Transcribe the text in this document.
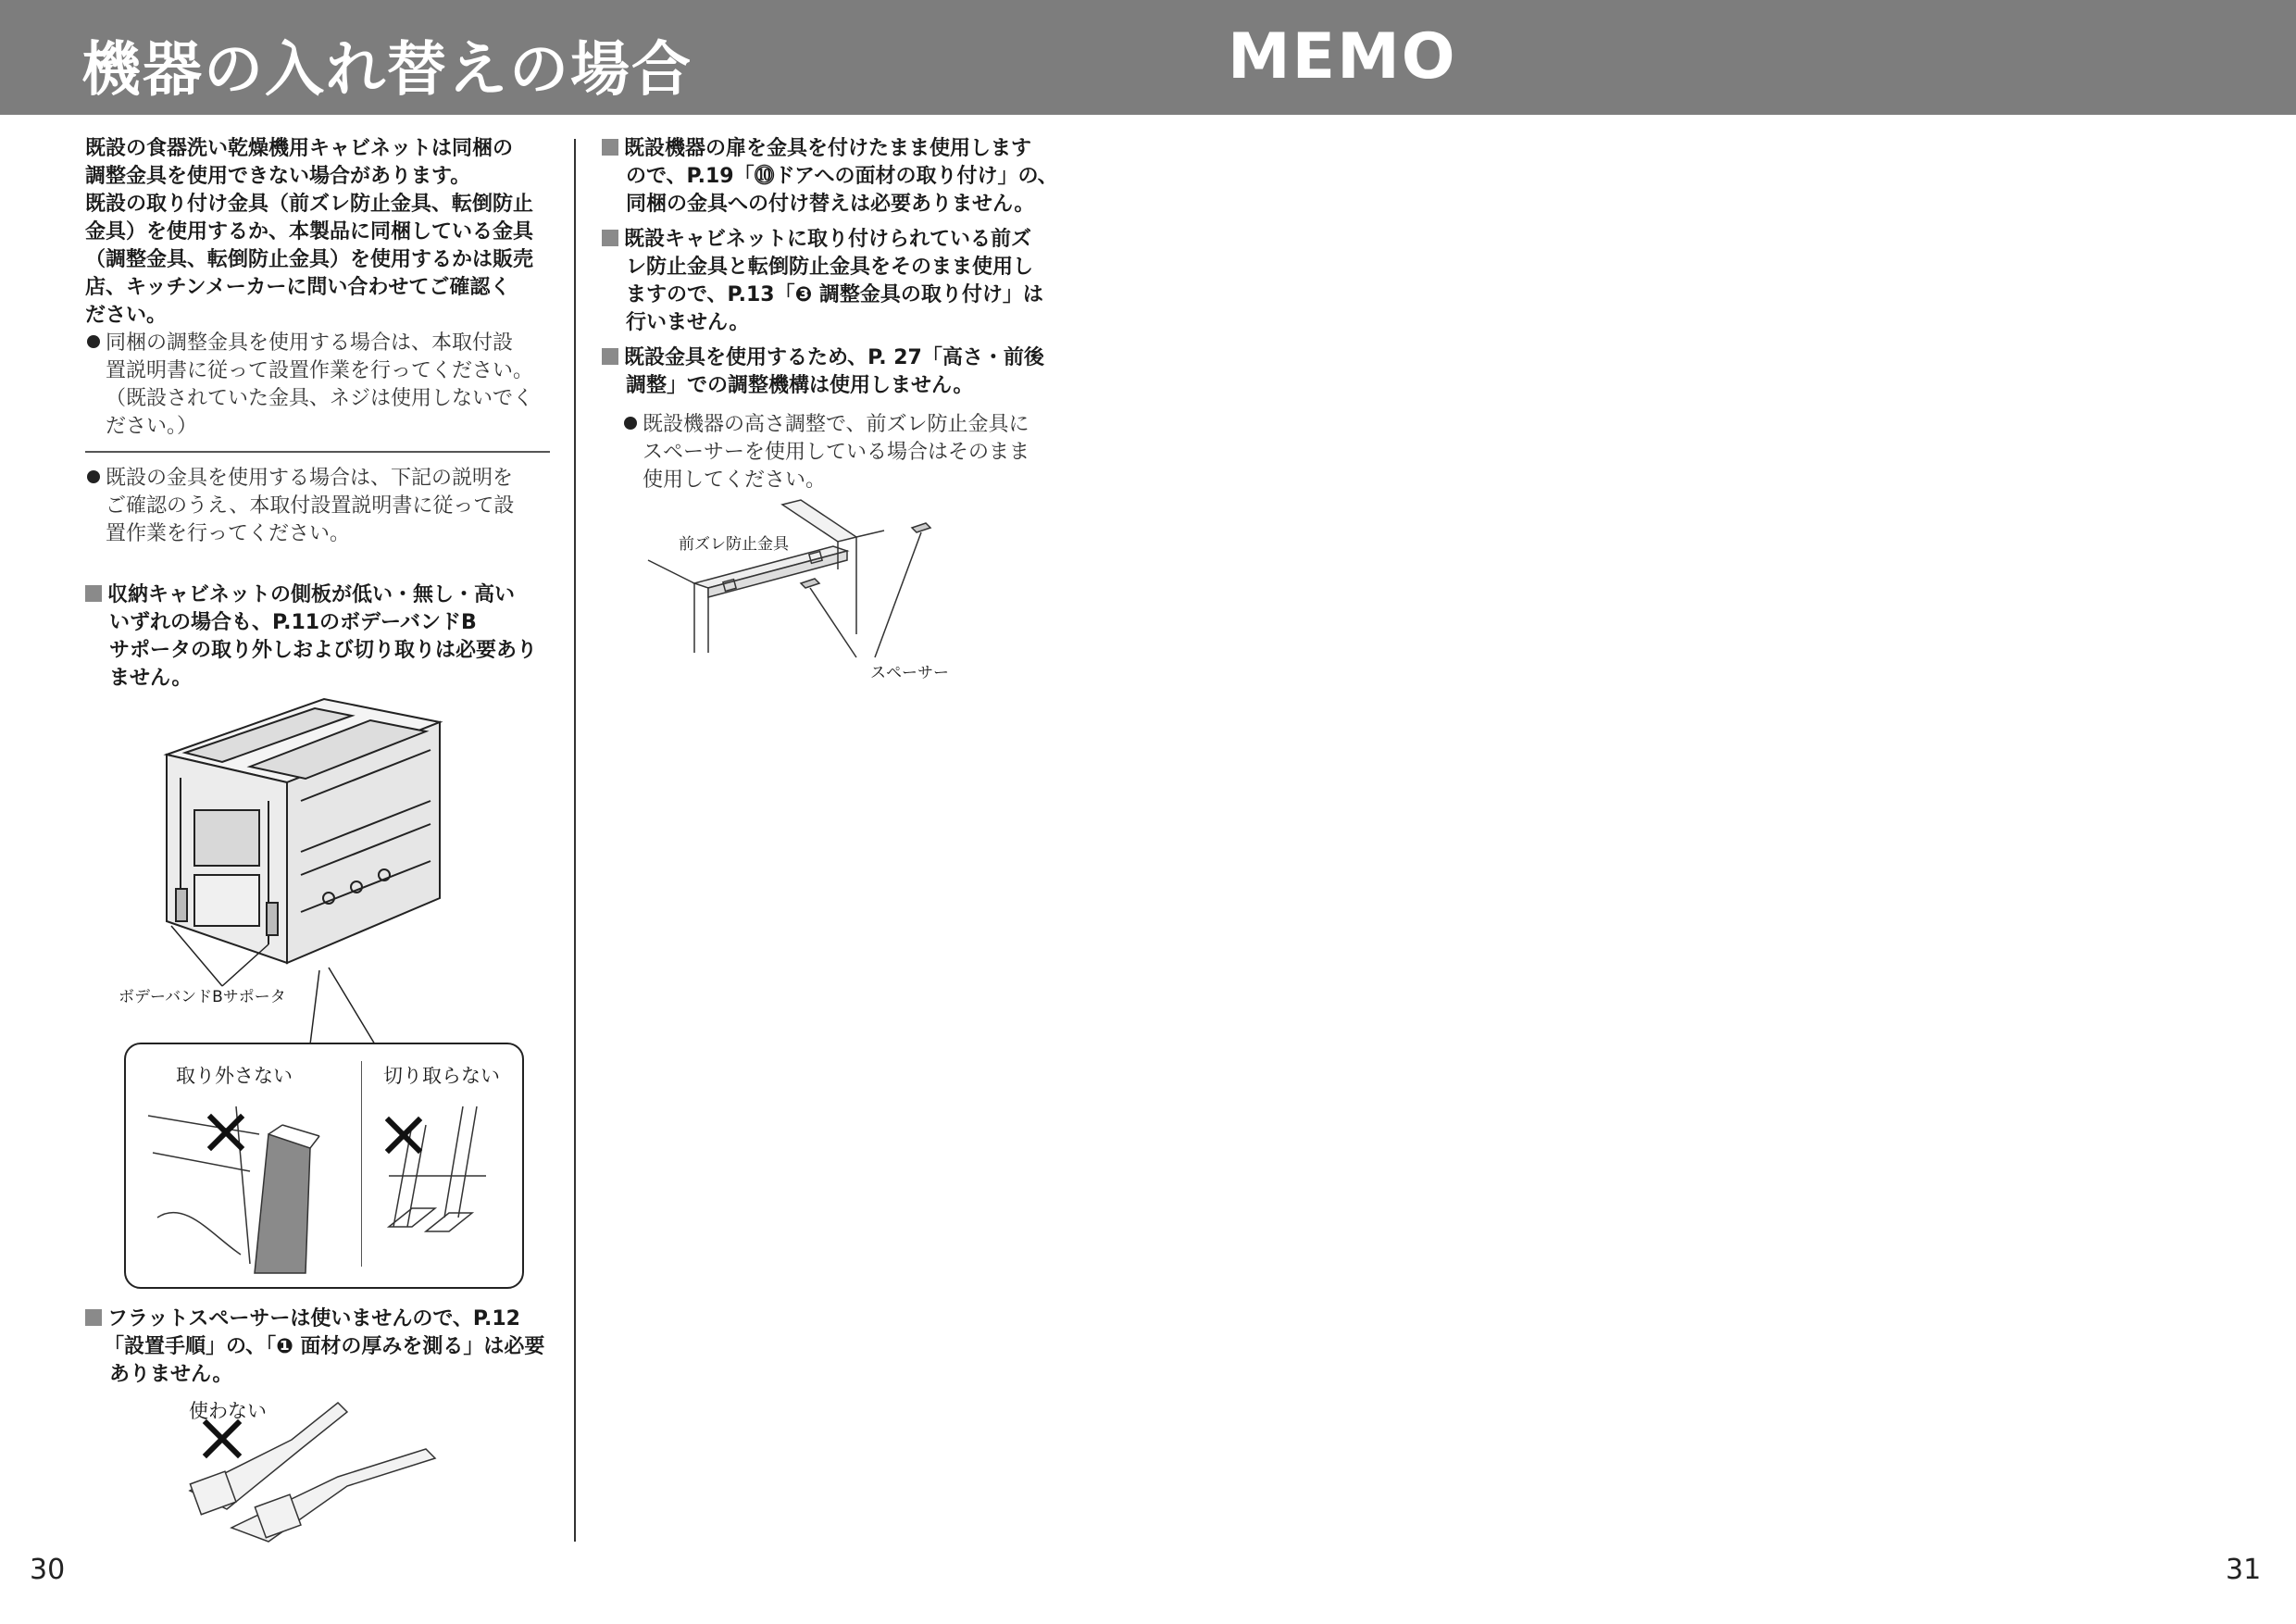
機器の入れ替えの場合	MEMO
既設の食器洗い乾燥機用キャビネットは同梱の
調整金具を使用できない場合があります。
既設の取り付け金具（前ズレ防止金具、転倒防止
金具）を使用するか、本製品に同梱している金具
（調整金具、転倒防止金具）を使用するかは販売
店、キッチンメーカーに問い合わせてご確認く
ださい。
同梱の調整金具を使用する場合は、本取付設
置説明書に従って設置作業を行ってください。
（既設されていた金具、ネジは使用しないでく
ださい。）
既設の金具を使用する場合は、下記の説明を
ご確認のうえ、本取付設置説明書に従って設
置作業を行ってください。
収納キャビネットの側板が低い・無し・高い
いずれの場合も、P.11のボデーバンドB
サポータの取り外しおよび切り取りは必要あり
ません。
ボデーバンドBサポータ
取り外さない	切り取らない
フラットスペーサーは使いませんので、P.12
「設置手順」の、「❶ 面材の厚みを測る」は必要
ありません。
使わない
30
既設機器の扉を金具を付けたまま使用します
ので、P.19「⓾ドアへの面材の取り付け」の、
同梱の金具への付け替えは必要ありません。
既設キャビネットに取り付けられている前ズ
レ防止金具と転倒防止金具をそのまま使用し
ますので、P.13「❸ 調整金具の取り付け」は
行いません。
既設金具を使用するため、P. 27「高さ・前後
調整」での調整機構は使用しません。
既設機器の高さ調整で、前ズレ防止金具に
スペーサーを使用している場合はそのまま
使用してください。
前ズレ防止金具
スペーサー
31
